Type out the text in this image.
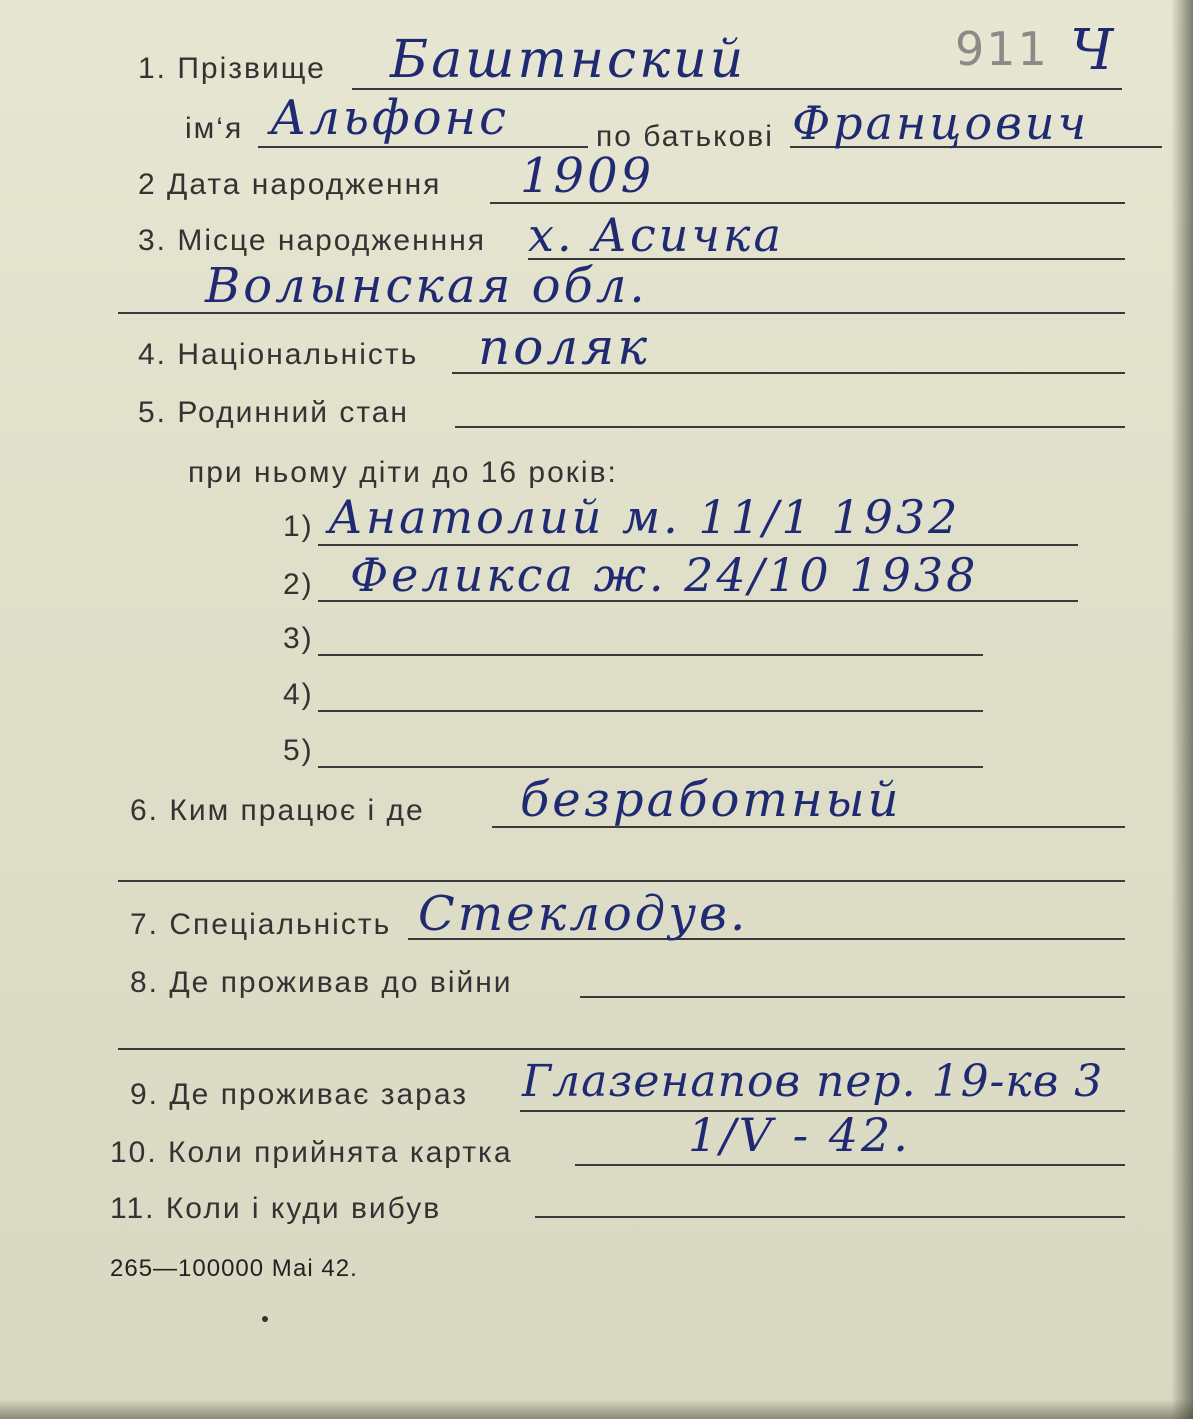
911
1. Прізвище Баштнский	Ч
ім‘я Альфонс	по батькові Францович
2 Дата народження 1909
3. Місце народженння х. Асичка
Волынская обл.
4. Національність поляк
5. Родинний стан
при ньому діти до 16 років:
1) Анатолий м. 11/1 1932
2) Феликса ж. 24/10 1938
3)
4)
5)
6. Ким працює і де безработный
7. Спеціальність Стеклодув.
8. Де проживав до війни
9. Де проживає зараз Глазенапов пер. 19-кв 3
10. Коли прийнята картка	1/V - 42.
11. Коли і куди вибув
265—100000 Маі 42.
